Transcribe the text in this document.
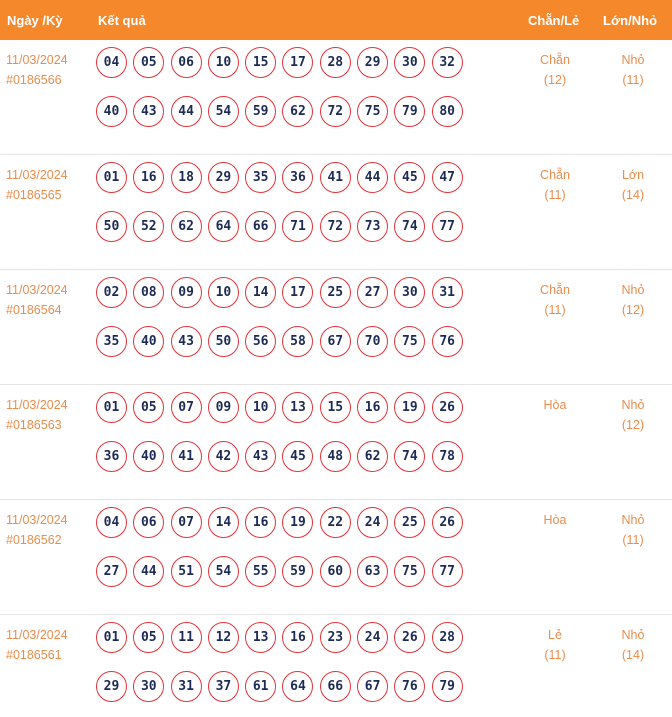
Ngày /Kỳ	Kết quả	Chẵn/Lẻ Lớn/Nhỏ
11/03/2024
#0186566
04	05	06	10	15	17	28	29	30	32
40	43	44	54	59	62	72	75	79	80
Chẵn
(12)
Nhỏ
(11)
11/03/2024
#0186565
01	16	18	29	35	36	41	44	45	47
50	52	62	64	66	71	72	73	74	77
Chẵn
(11)
Lớn
(14)
11/03/2024
#0186564
02	08	09	10	14	17	25	27	30	31
35	40	43	50	56	58	67	70	75	76
Chẵn
(11)
Nhỏ
(12)
11/03/2024
#0186563
01	05	07	09	10	13	15	16	19	26
36	40	41	42	43	45	48	62	74	78
Hòa	Nhỏ
(12)
11/03/2024
#0186562
04	06	07	14	16	19	22	24	25	26
27	44	51	54	55	59	60	63	75	77
Hòa	Nhỏ
(11)
11/03/2024
#0186561
01	05	11	12	13	16	23	24	26	28
29	30	31	37	61	64	66	67	76	79
Lẻ
(11)
Nhỏ
(14)
